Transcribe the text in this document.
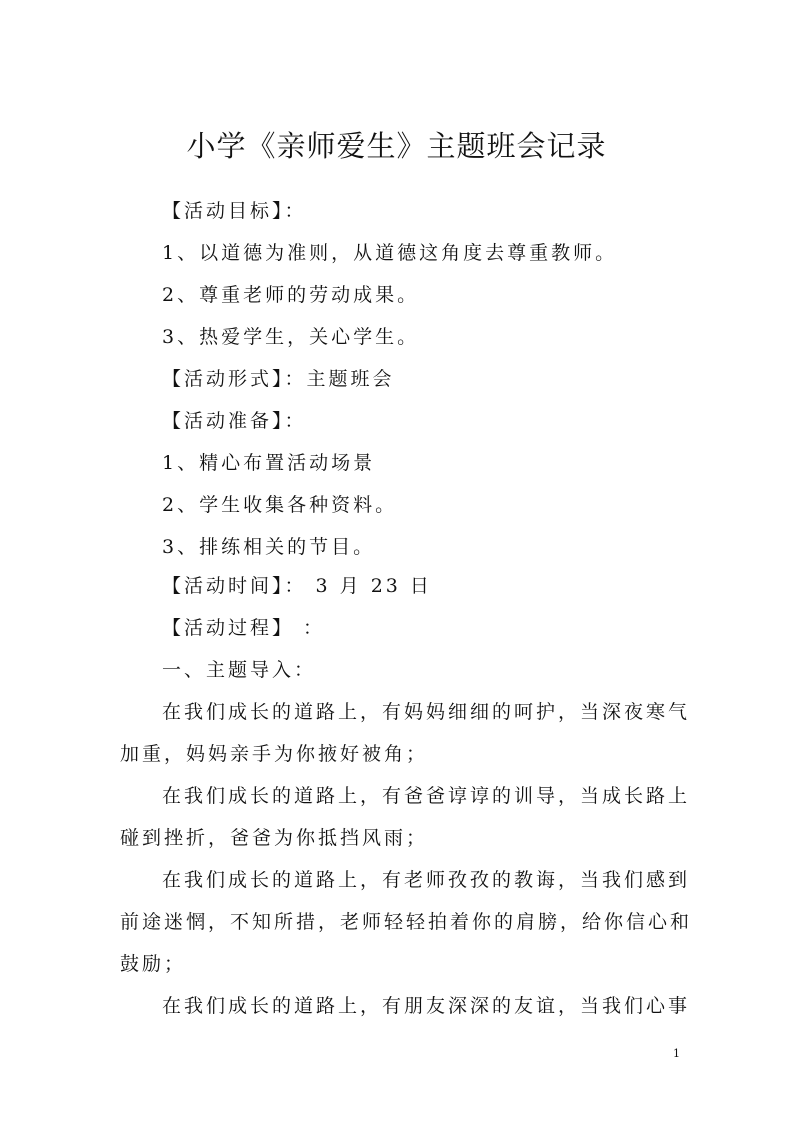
小学《亲师爱生》主题班会记录
【活动目标】：
1、以道德为准则，从道德这角度去尊重教师。
2、尊重老师的劳动成果。
3、热爱学生，关心学生。
【活动形式】：主题班会
【活动准备】：
1、精心布置活动场景
2、学生收集各种资料。
3、排练相关的节目。
【活动时间】： 3 月 23 日
【活动过程】 ：
一、主题导入：
在我们成长的道路上，有妈妈细细的呵护，当深夜寒气
加重，妈妈亲手为你掖好被角；
在我们成长的道路上，有爸爸谆谆的训导，当成长路上
碰到挫折，爸爸为你抵挡风雨；
在我们成长的道路上，有老师孜孜的教诲，当我们感到
前途迷惘，不知所措，老师轻轻拍着你的肩膀，给你信心和
鼓励；
在我们成长的道路上，有朋友深深的友谊，当我们心事
1
